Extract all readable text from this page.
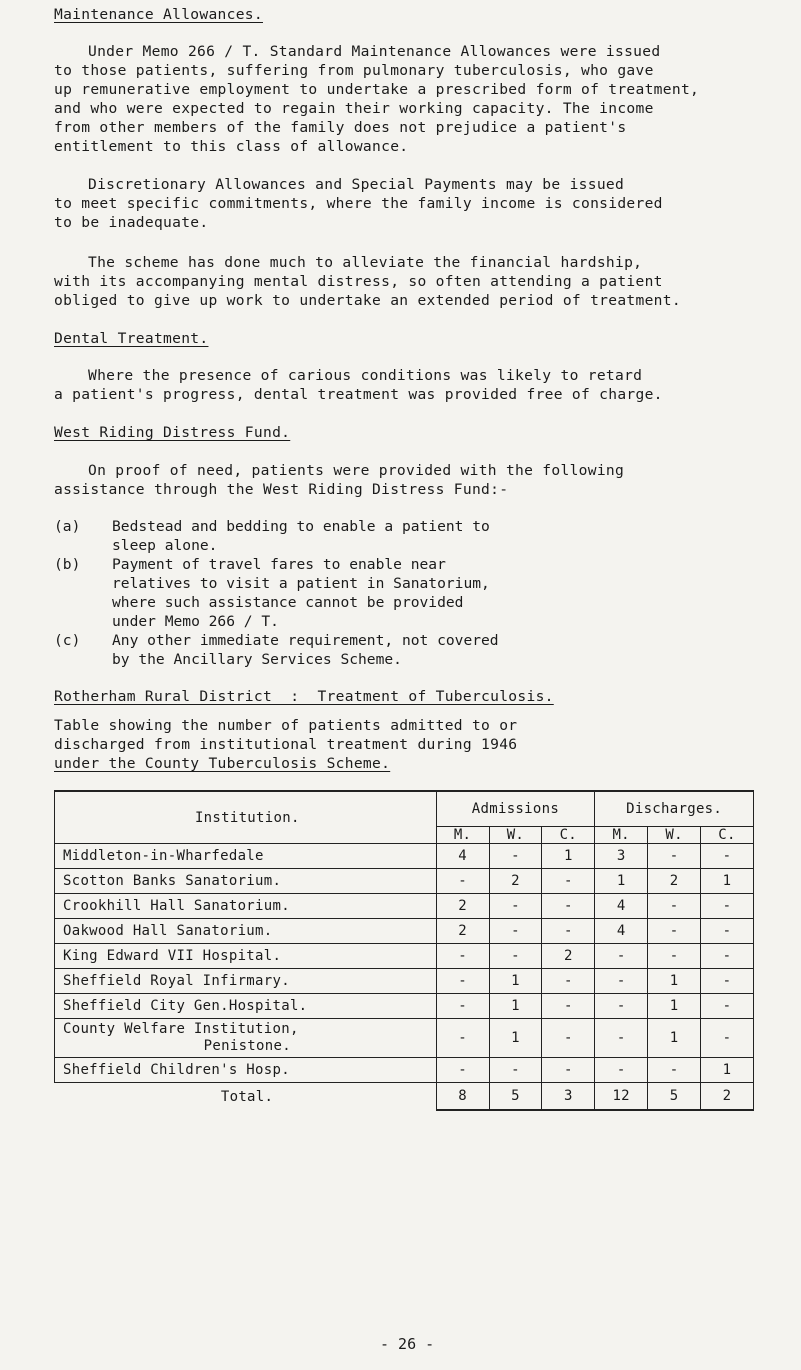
Maintenance Allowances.
Under Memo 266 / T. Standard Maintenance Allowances were issued
to those patients, suffering from pulmonary tuberculosis, who gave
up remunerative employment to undertake a prescribed form of treatment,
and who were expected to regain their working capacity. The income
from other members of the family does not prejudice a patient's
entitlement to this class of allowance.
Discretionary Allowances and Special Payments may be issued
to meet specific commitments, where the family income is considered
to be inadequate.
The scheme has done much to alleviate the financial hardship,
with its accompanying mental distress, so often attending a patient
obliged to give up work to undertake an extended period of treatment.
Dental Treatment.
Where the presence of carious conditions was likely to retard
a patient's progress, dental treatment was provided free of charge.
West Riding Distress Fund.
On proof of need, patients were provided with the following
assistance through the West Riding Distress Fund:-
(a) Bedstead and bedding to enable a patient to
sleep alone.
(b) Payment of travel fares to enable near
relatives to visit a patient in Sanatorium,
where such assistance cannot be provided
under Memo 266 / T.
(c) Any other immediate requirement, not covered
by the Ancillary Services Scheme.
Rotherham Rural District  :  Treatment of Tuberculosis.
Table showing the number of patients admitted to or
discharged from institutional treatment during 1946
under the County Tuberculosis Scheme.
Institution.	Admissions			Discharges.		
	M.	W.	C.	M.	W.	C.
Middleton-in-Wharfedale	4	-	1	3	-	-
Scotton Banks Sanatorium.	-	2	-	1	2	1
Crookhill Hall Sanatorium.	2	-	-	4	-	-
Oakwood Hall Sanatorium.	2	-	-	4	-	-
King Edward VII Hospital.	-	-	2	-	-	-
Sheffield Royal Infirmary.	-	1	-	-	1	-
Sheffield City Gen.Hospital.	-	1	-	-	1	-

County Welfare Institution,
Penistone.	-	1	-	-	1	-
Sheffield Children's Hosp.	-	-	-	-	-	1
Total.	8	5	3	12	5	2
- 26 -
